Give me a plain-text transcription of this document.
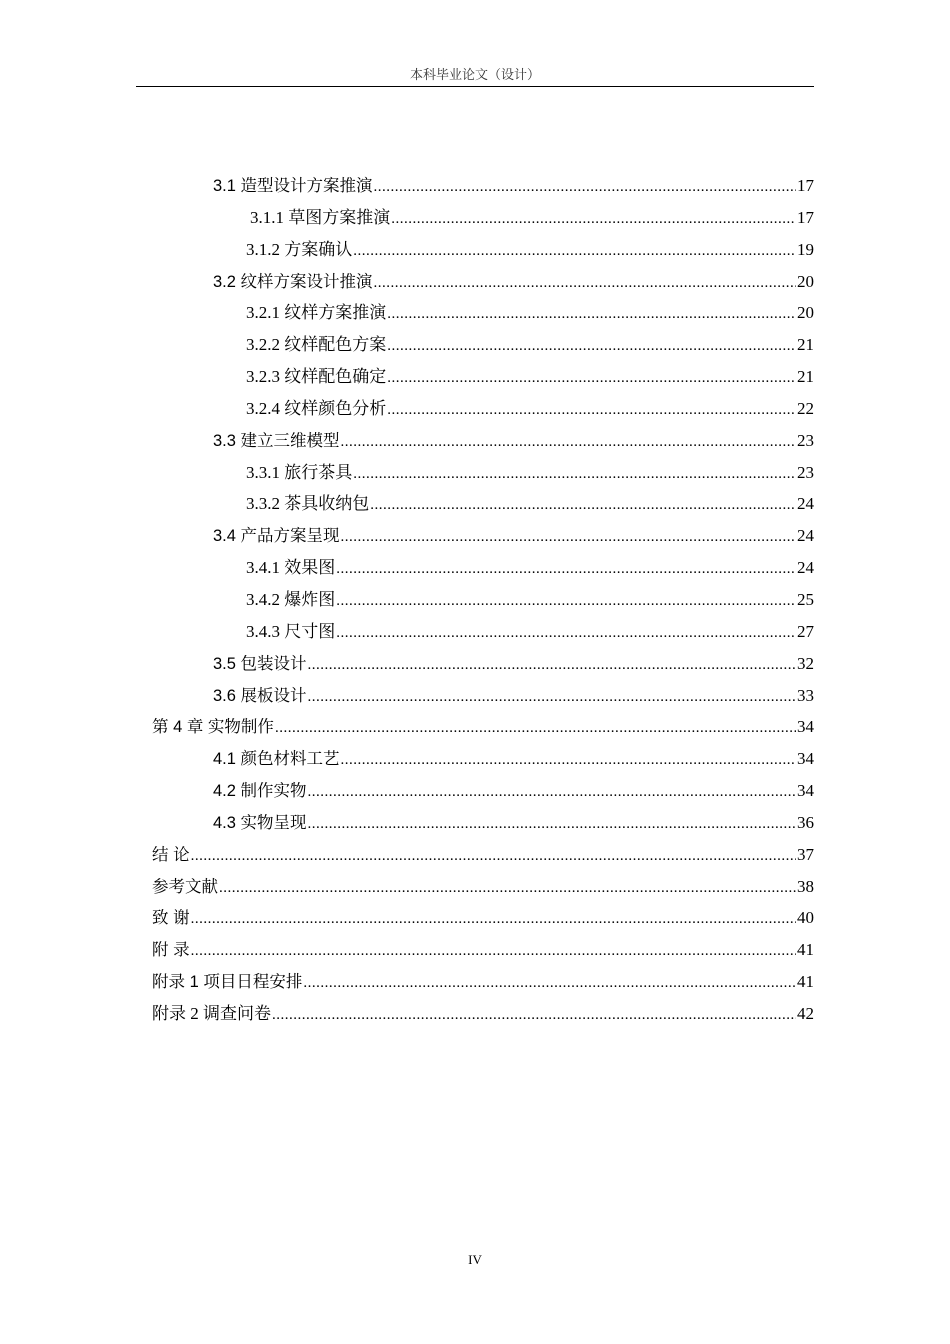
本科毕业论文（设计）
3.1 造型设计方案推演 .....	17
3.1.1 草图方案推演 .....	17
3.1.2 方案确认 .....	19
3.2 纹样方案设计推演 .....	20
3.2.1 纹样方案推演 .....	20
3.2.2 纹样配色方案 .....	21
3.2.3 纹样配色确定 .....	21
3.2.4 纹样颜色分析 .....	22
3.3 建立三维模型 .....	23
3.3.1 旅行茶具 .....	23
3.3.2 茶具收纳包 .....	24
3.4 产品方案呈现 .....	24
3.4.1 效果图 .....	24
3.4.2 爆炸图 .....	25
3.4.3 尺寸图 .....	27
3.5 包装设计 .....	32
3.6 展板设计 .....	33
第 4 章 实物制作 .....	34
4.1 颜色材料工艺 .....	34
4.2 制作实物 .....	34
4.3 实物呈现 .....	36
结 论 .....	37
参考文献 .....	38
致 谢 .....	40
附 录 .....	41
附录 1 项目日程安排 .....	41
附录 2 调查问卷 .....	42
IV
